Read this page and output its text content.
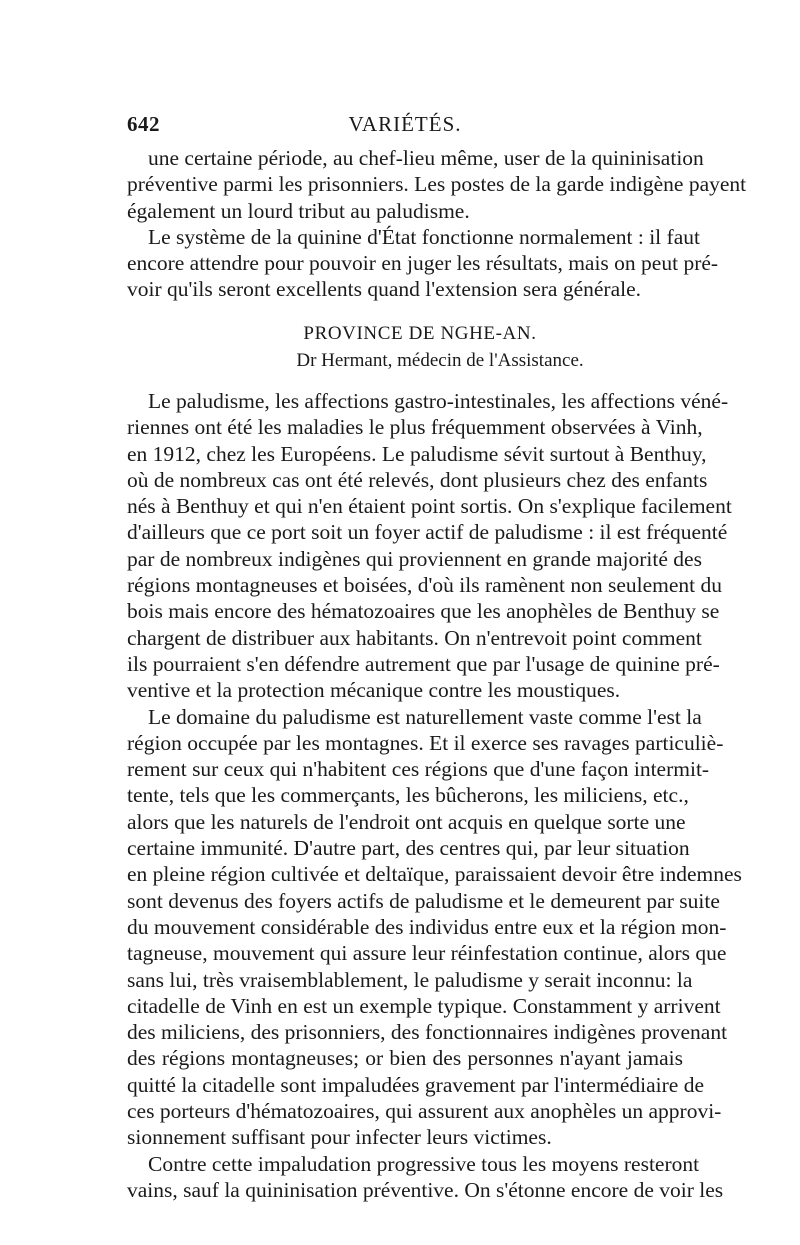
642	VARIÉTÉS.
une certaine période, au chef-lieu même, user de la quininisation
préventive parmi les prisonniers. Les postes de la garde indigène payent
également un lourd tribut au paludisme.
Le système de la quinine d'État fonctionne normalement : il faut
encore attendre pour pouvoir en juger les résultats, mais on peut pré-
voir qu'ils seront excellents quand l'extension sera générale.
PROVINCE DE NGHE-AN.
Dr Hermant, médecin de l'Assistance.
Le paludisme, les affections gastro-intestinales, les affections véné-
riennes ont été les maladies le plus fréquemment observées à Vinh,
en 1912, chez les Européens. Le paludisme sévit surtout à Benthuy,
où de nombreux cas ont été relevés, dont plusieurs chez des enfants
nés à Benthuy et qui n'en étaient point sortis. On s'explique facilement
d'ailleurs que ce port soit un foyer actif de paludisme : il est fréquenté
par de nombreux indigènes qui proviennent en grande majorité des
régions montagneuses et boisées, d'où ils ramènent non seulement du
bois mais encore des hématozoaires que les anophèles de Benthuy se
chargent de distribuer aux habitants. On n'entrevoit point comment
ils pourraient s'en défendre autrement que par l'usage de quinine pré-
ventive et la protection mécanique contre les moustiques.
Le domaine du paludisme est naturellement vaste comme l'est la
région occupée par les montagnes. Et il exerce ses ravages particuliè-
rement sur ceux qui n'habitent ces régions que d'une façon intermit-
tente, tels que les commerçants, les bûcherons, les miliciens, etc.,
alors que les naturels de l'endroit ont acquis en quelque sorte une
certaine immunité. D'autre part, des centres qui, par leur situation
en pleine région cultivée et deltaïque, paraissaient devoir être indemnes
sont devenus des foyers actifs de paludisme et le demeurent par suite
du mouvement considérable des individus entre eux et la région mon-
tagneuse, mouvement qui assure leur réinfestation continue, alors que
sans lui, très vraisemblablement, le paludisme y serait inconnu: la
citadelle de Vinh en est un exemple typique. Constamment y arrivent
des miliciens, des prisonniers, des fonctionnaires indigènes provenant
des régions montagneuses; or bien des personnes n'ayant jamais
quitté la citadelle sont impaludées gravement par l'intermédiaire de
ces porteurs d'hématozoaires, qui assurent aux anophèles un approvi-
sionnement suffisant pour infecter leurs victimes.
Contre cette impaludation progressive tous les moyens resteront
vains, sauf la quininisation préventive. On s'étonne encore de voir les
